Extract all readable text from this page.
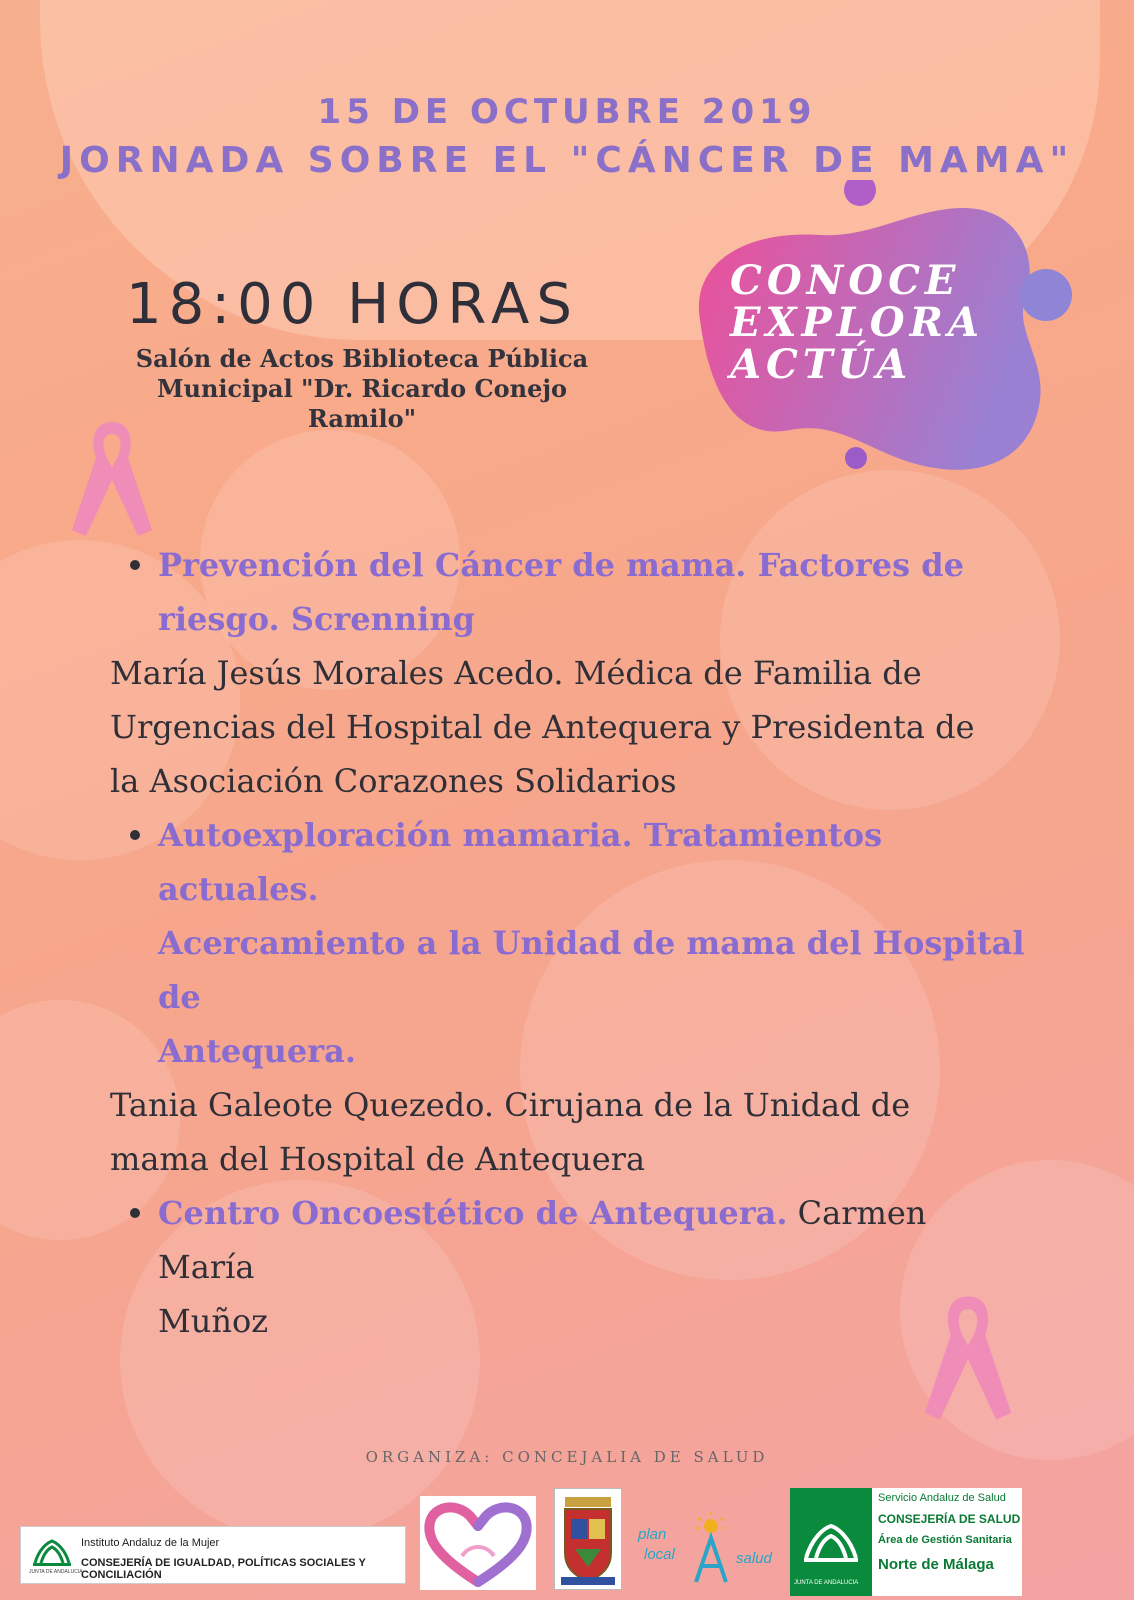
15 DE OCTUBRE 2019
JORNADA SOBRE EL "CÁNCER DE MAMA"
18:00 HORAS
Salón de Actos Biblioteca Pública
Municipal "Dr. Ricardo Conejo
Ramilo"
CONOCE
EXPLORA
ACTÚA
Prevención del Cáncer de mama. Factores de
riesgo. Screnning
María Jesús Morales Acedo. Médica de Familia de
Urgencias del Hospital de Antequera y Presidenta de
la Asociación Corazones Solidarios
Autoexploración mamaria. Tratamientos actuales.
Acercamiento a la Unidad de mama del Hospital de
Antequera.
Tania Galeote Quezedo. Cirujana de la Unidad de
mama del Hospital de Antequera
Centro Oncoestético de Antequera. Carmen María
Muñoz
ORGANIZA: CONCEJALIA DE SALUD
JUNTA DE ANDALUCIA
Instituto Andaluz de la Mujer
CONSEJERÍA DE IGUALDAD, POLÍTICAS SOCIALES Y CONCILIACIÓN
plan
local	salud
JUNTA DE ANDALUCIA
Servicio Andaluz de Salud
CONSEJERÍA DE SALUD
Área de Gestión Sanitaria
Norte de Málaga
